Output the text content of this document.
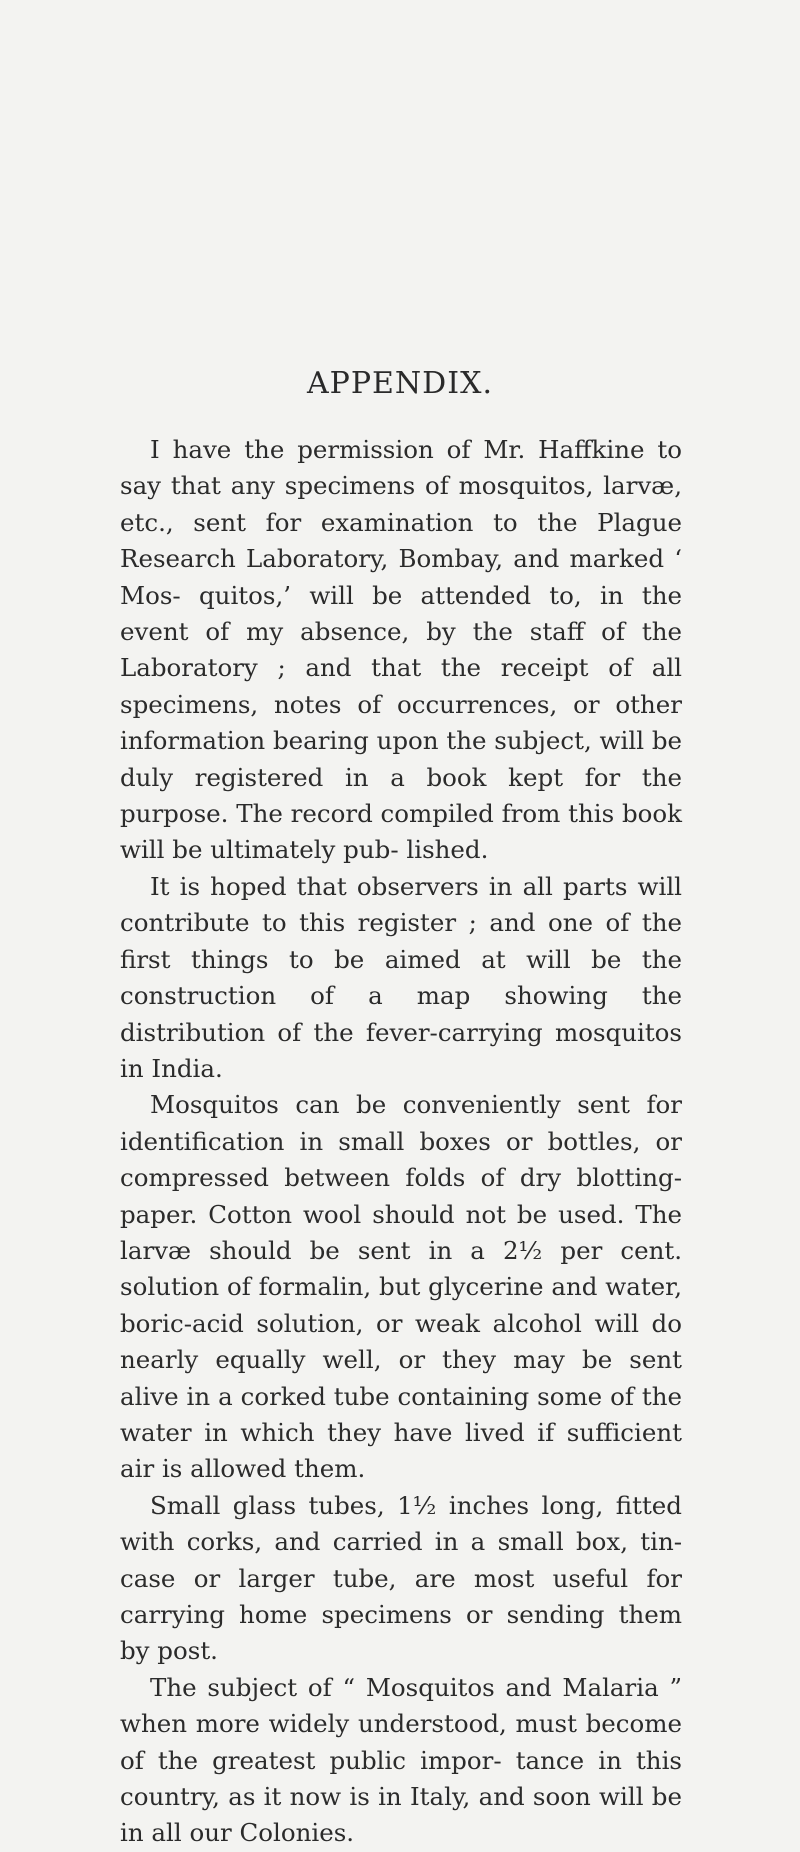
APPENDIX.

I have the permission of Mr. Haffkine to say that any specimens of mosquitos, larvæ, etc., sent for examination to the Plague Research Laboratory, Bombay, and marked ‘ Mos- quitos,’ will be attended to, in the event of my absence, by the staff of the Laboratory ; and that the receipt of all specimens, notes of occurrences, or other information bearing upon the subject, will be duly registered in a book kept for the purpose. The record compiled from this book will be ultimately pub- lished.

It is hoped that observers in all parts will contribute to this register ; and one of the first things to be aimed at will be the construction of a map showing the distribution of the fever-carrying mosquitos in India.

Mosquitos can be conveniently sent for identification in small boxes or bottles, or compressed between folds of dry blotting-paper. Cotton wool should not be used. The larvæ should be sent in a 2½ per cent. solution of formalin, but glycerine and water, boric-acid solution, or weak alcohol will do nearly equally well, or they may be sent alive in a corked tube containing some of the water in which they have lived if sufficient air is allowed them.

Small glass tubes, 1½ inches long, fitted with corks, and carried in a small box, tin-case or larger tube, are most useful for carrying home specimens or sending them by post.

The subject of “ Mosquitos and Malaria ” when more widely understood, must become of the greatest public impor- tance in this country, as it now is in Italy, and soon will be in all our Colonies.
